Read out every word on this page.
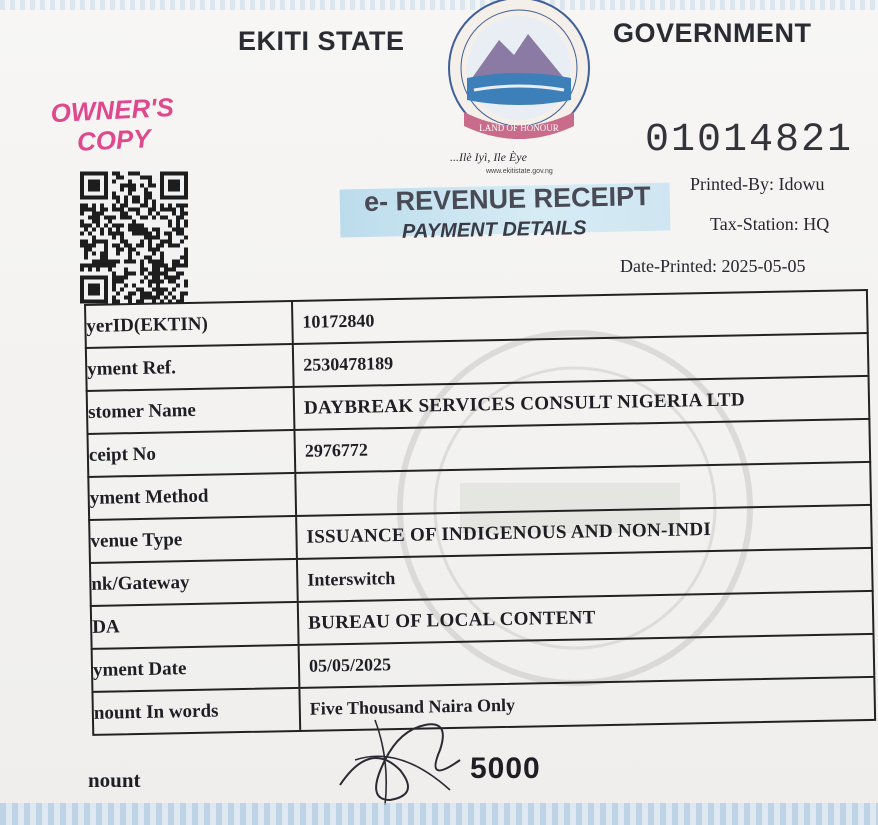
EKITI STATE	GOVERNMENT
LAND OF HONOUR
...Ilè Iyì, Ile Èye
www.ekitistate.gov.ng
OWNER'S
COPY	01014821
e- REVENUE RECEIPT
PAYMENT DETAILS
Printed-By: Idowu
Tax-Station: HQ
Date-Printed: 2025-05-05
yerID(EKTIN)	10172840
yment Ref.	2530478189
stomer Name	DAYBREAK SERVICES CONSULT NIGERIA LTD
ceipt No	2976772
yment Method
venue Type	ISSUANCE OF INDIGENOUS AND NON-INDI
nk/Gateway	Interswitch
DA	BUREAU OF LOCAL CONTENT
yment Date	05/05/2025
nount In words	Five Thousand Naira Only
nount	5000
